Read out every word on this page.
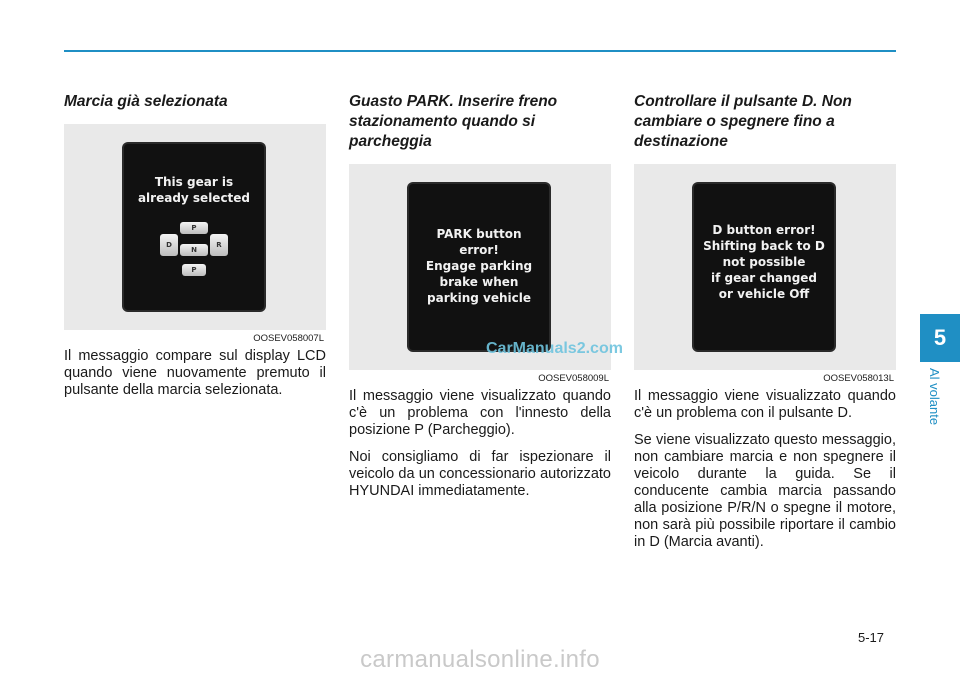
Marcia già selezionata
This gear is
already selected
P
D
N
R
P
OOSEV058007L
Il messaggio compare sul display LCD quando viene nuovamente premuto il pulsante della marcia selezionata.
Guasto PARK. Inserire freno stazionamento quando si parcheggia
PARK button
error!
Engage parking
brake when
parking vehicle
OOSEV058009L
Il messaggio viene visualizzato quando c'è un problema con l'innesto della posizione P (Parcheggio).
Noi consigliamo di far ispezionare il veicolo da un concessionario autorizzato HYUNDAI immediatamente.
Controllare il pulsante D. Non cambiare o spegnere fino a destinazione
D button error!
Shifting back to D
not possible
if gear changed
or vehicle Off
OOSEV058013L
Il messaggio viene visualizzato quando c'è un problema con il pulsante D.
Se viene visualizzato questo messaggio, non cambiare marcia e non spegnere il veicolo durante la guida. Se il conducente cambia marcia passando alla posizione P/R/N o spegne il motore, non sarà più possibile riportare il cambio in D (Marcia avanti).
CarManuals2.com	5
Al volante
5-17
carmanualsonline.info
